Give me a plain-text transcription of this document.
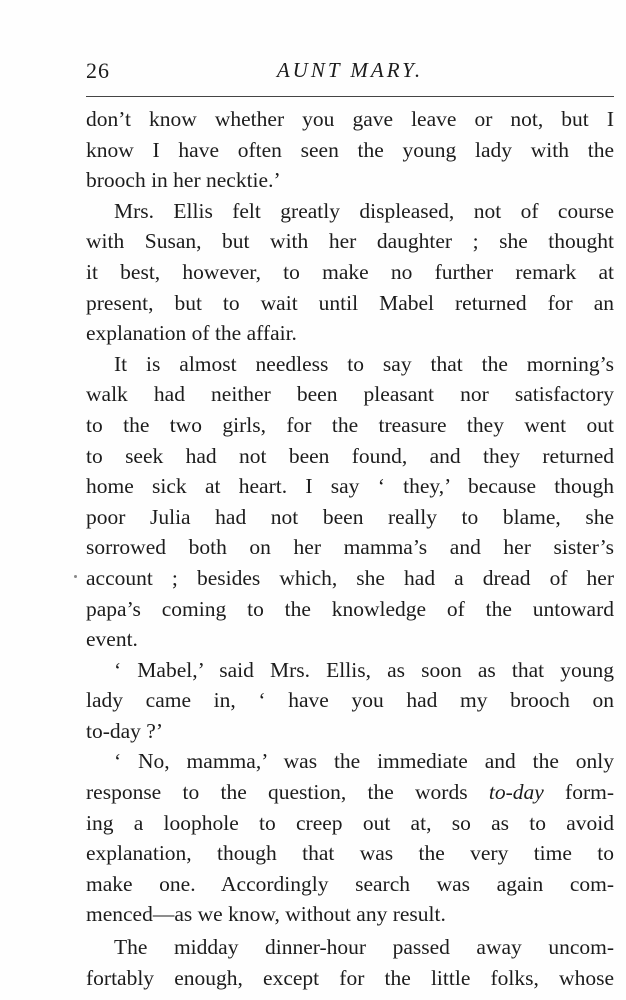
26	AUNT MARY.
don’t know whether you gave leave or not, but I
know I have often seen the young lady with the
brooch in her necktie.’
Mrs. Ellis felt greatly displeased, not of course
with Susan, but with her daughter ; she thought
it best, however, to make no further remark at
present, but to wait until Mabel returned for an
explanation of the affair.
It is almost needless to say that the morning’s
walk had neither been pleasant nor satisfactory
to the two girls, for the treasure they went out
to seek had not been found, and they returned
home sick at heart. I say ‘ they,’ because though
poor Julia had not been really to blame, she
sorrowed both on her mamma’s and her sister’s
account ; besides which, she had a dread of her
papa’s coming to the knowledge of the untoward
event.
‘ Mabel,’ said Mrs. Ellis, as soon as that young
lady came in, ‘ have you had my brooch on
to-day ?’
‘ No, mamma,’ was the immediate and the only
response to the question, the words to-day form-
ing a loophole to creep out at, so as to avoid
explanation, though that was the very time to
make one. Accordingly search was again com-
menced—as we know, without any result.
The midday dinner-hour passed away uncom-
fortably enough, except for the little folks, whose
